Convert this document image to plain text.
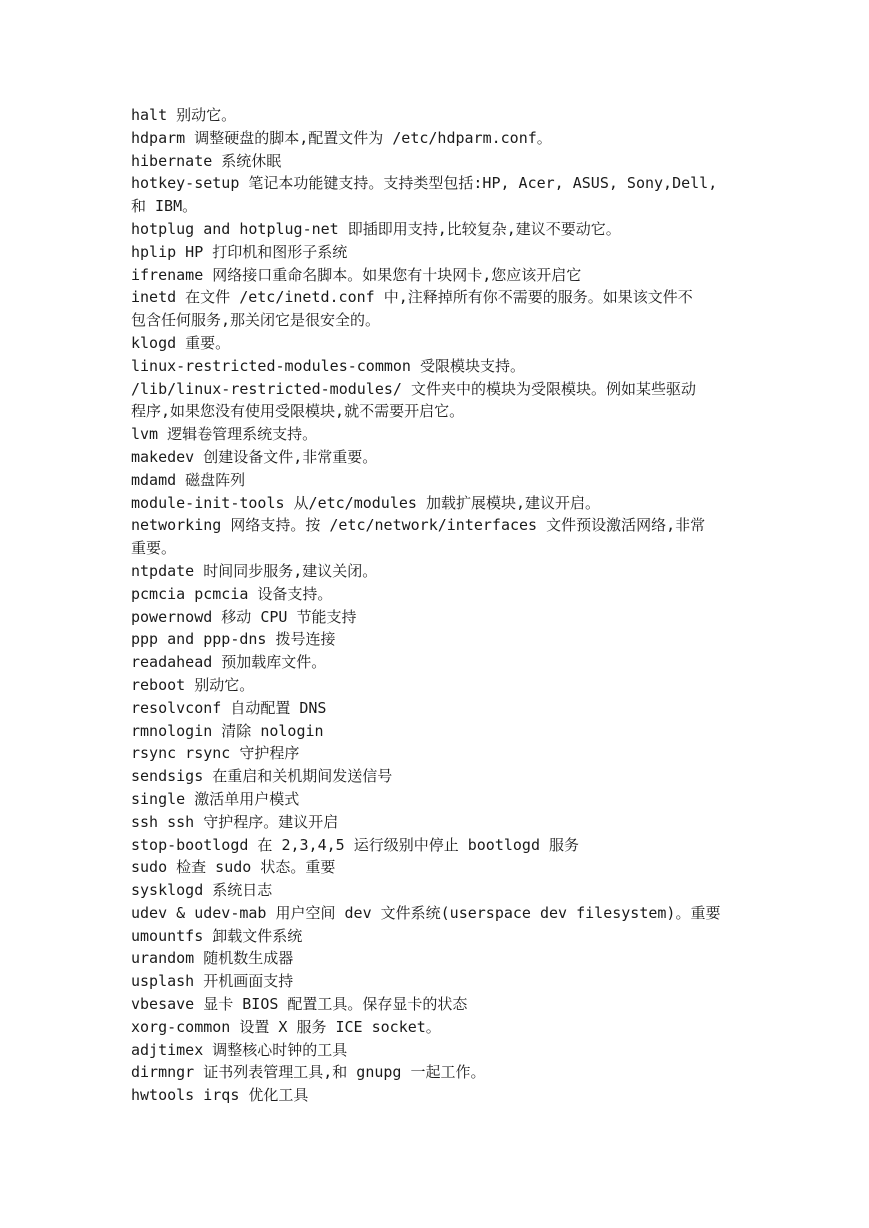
halt 别动它。

hdparm 调整硬盘的脚本,配置文件为 /etc/hdparm.conf。

hibernate 系统休眠

hotkey-setup 笔记本功能键支持。支持类型包括:HP, Acer, ASUS, Sony,Dell,

和 IBM。

hotplug and hotplug-net 即插即用支持,比较复杂,建议不要动它。

hplip HP 打印机和图形子系统

ifrename 网络接口重命名脚本。如果您有十块网卡,您应该开启它

inetd 在文件 /etc/inetd.conf 中,注释掉所有你不需要的服务。如果该文件不

包含任何服务,那关闭它是很安全的。

klogd 重要。

linux-restricted-modules-common 受限模块支持。

/lib/linux-restricted-modules/ 文件夹中的模块为受限模块。例如某些驱动

程序,如果您没有使用受限模块,就不需要开启它。

lvm 逻辑卷管理系统支持。

makedev 创建设备文件,非常重要。

mdamd 磁盘阵列

module-init-tools 从/etc/modules 加载扩展模块,建议开启。

networking 网络支持。按 /etc/network/interfaces 文件预设激活网络,非常

重要。

ntpdate 时间同步服务,建议关闭。

pcmcia pcmcia 设备支持。

powernowd 移动 CPU 节能支持

ppp and ppp-dns 拨号连接

readahead 预加载库文件。

reboot 别动它。

resolvconf 自动配置 DNS

rmnologin 清除 nologin

rsync rsync 守护程序

sendsigs 在重启和关机期间发送信号

single 激活单用户模式

ssh ssh 守护程序。建议开启

stop-bootlogd 在 2,3,4,5 运行级别中停止 bootlogd 服务

sudo 检查 sudo 状态。重要

sysklogd 系统日志

udev & udev-mab 用户空间 dev 文件系统(userspace dev filesystem)。重要

umountfs 卸载文件系统

urandom 随机数生成器

usplash 开机画面支持

vbesave 显卡 BIOS 配置工具。保存显卡的状态

xorg-common 设置 X 服务 ICE socket。

adjtimex 调整核心时钟的工具

dirmngr 证书列表管理工具,和 gnupg 一起工作。

hwtools irqs 优化工具
